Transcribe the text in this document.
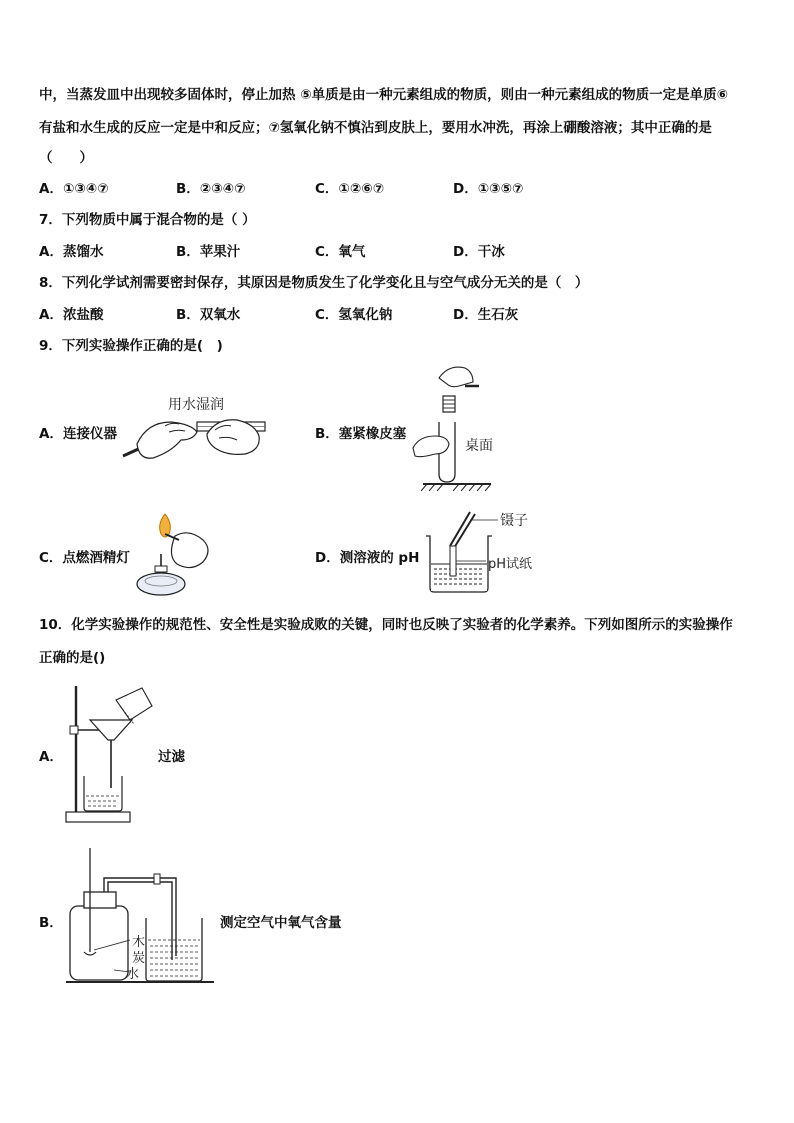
中，当蒸发皿中出现较多固体时，停止加热 ⑤单质是由一种元素组成的物质，则由一种元素组成的物质一定是单质⑥
有盐和水生成的反应一定是中和反应；⑦氢氧化钠不慎沾到皮肤上，要用水冲洗，再涂上硼酸溶液；其中正确的是
（　　）
A．①③④⑦	B．②③④⑦	C．①②⑥⑦	D．①③⑤⑦
7．下列物质中属于混合物的是（ ）
A．蒸馏水	B．苹果汁	C．氧气	D．干冰
8．下列化学试剂需要密封保存，其原因是物质发生了化学变化且与空气成分无关的是（　）
A．浓盐酸	B．双氧水	C．氢氧化钠	D．生石灰
9．下列实验操作正确的是(　)
A．连接仪器
用水湿润
B．塞紧橡皮塞
桌面
C．点燃酒精灯	D．测溶液的 pH
镊子
pH试纸
10．化学实验操作的规范性、安全性是实验成败的关键，同时也反映了实验者的化学素养。下列如图所示的实验操作
正确的是()
A．	过滤
B．	测定空气中氧气含量
木
炭
水
